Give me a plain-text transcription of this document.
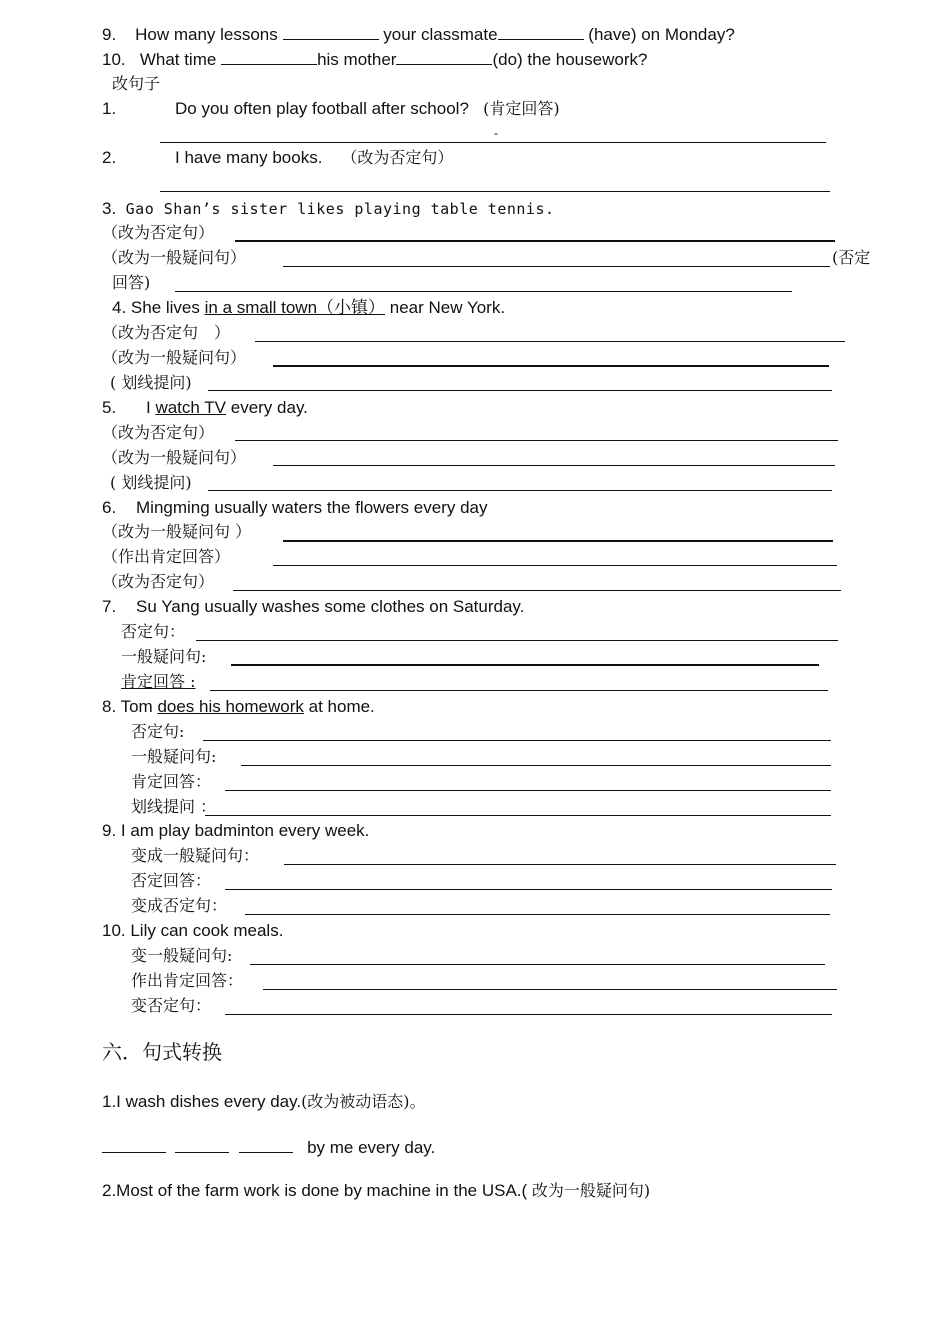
9. How many lessons	your classmate	(have) on Monday?
10. What time	his mother	(do) the housework?
改句子
1.	Do you often play football after school? (肯定回答)
-
2.	I have many books. （改为否定句）
3. Gao Shan’s sister likes playing table tennis.
（改为否定句）
（改为一般疑问句）	(否定
回答)
4. She lives in a small town（小镇） near New York.
（改为否定句　）
（改为一般疑问句）
( 划线提问)
5. I watch TV every day.
（改为否定句）
（改为一般疑问句）
( 划线提问)
6. Mingming usually waters the flowers every day
（改为一般疑问句 ）
（作出肯定回答）
（改为否定句）
7. Su Yang usually washes some clothes on Saturday.
否定句：
一般疑问句:
肯定回答 :
8. Tom does his homework at home.
否定句:
一般疑问句:
肯定回答：
划线提问 ：
9. I am play badminton every week.
变成一般疑问句：
否定回答：
变成否定句：
10. Lily can cook meals.
变一般疑问句:
作出肯定回答：
变否定句：
六．句式转换
1.I wash dishes every day.(改为被动语态)。
by me every day.
2.Most of the farm work is done by machine in the USA.( 改为一般疑问句)
